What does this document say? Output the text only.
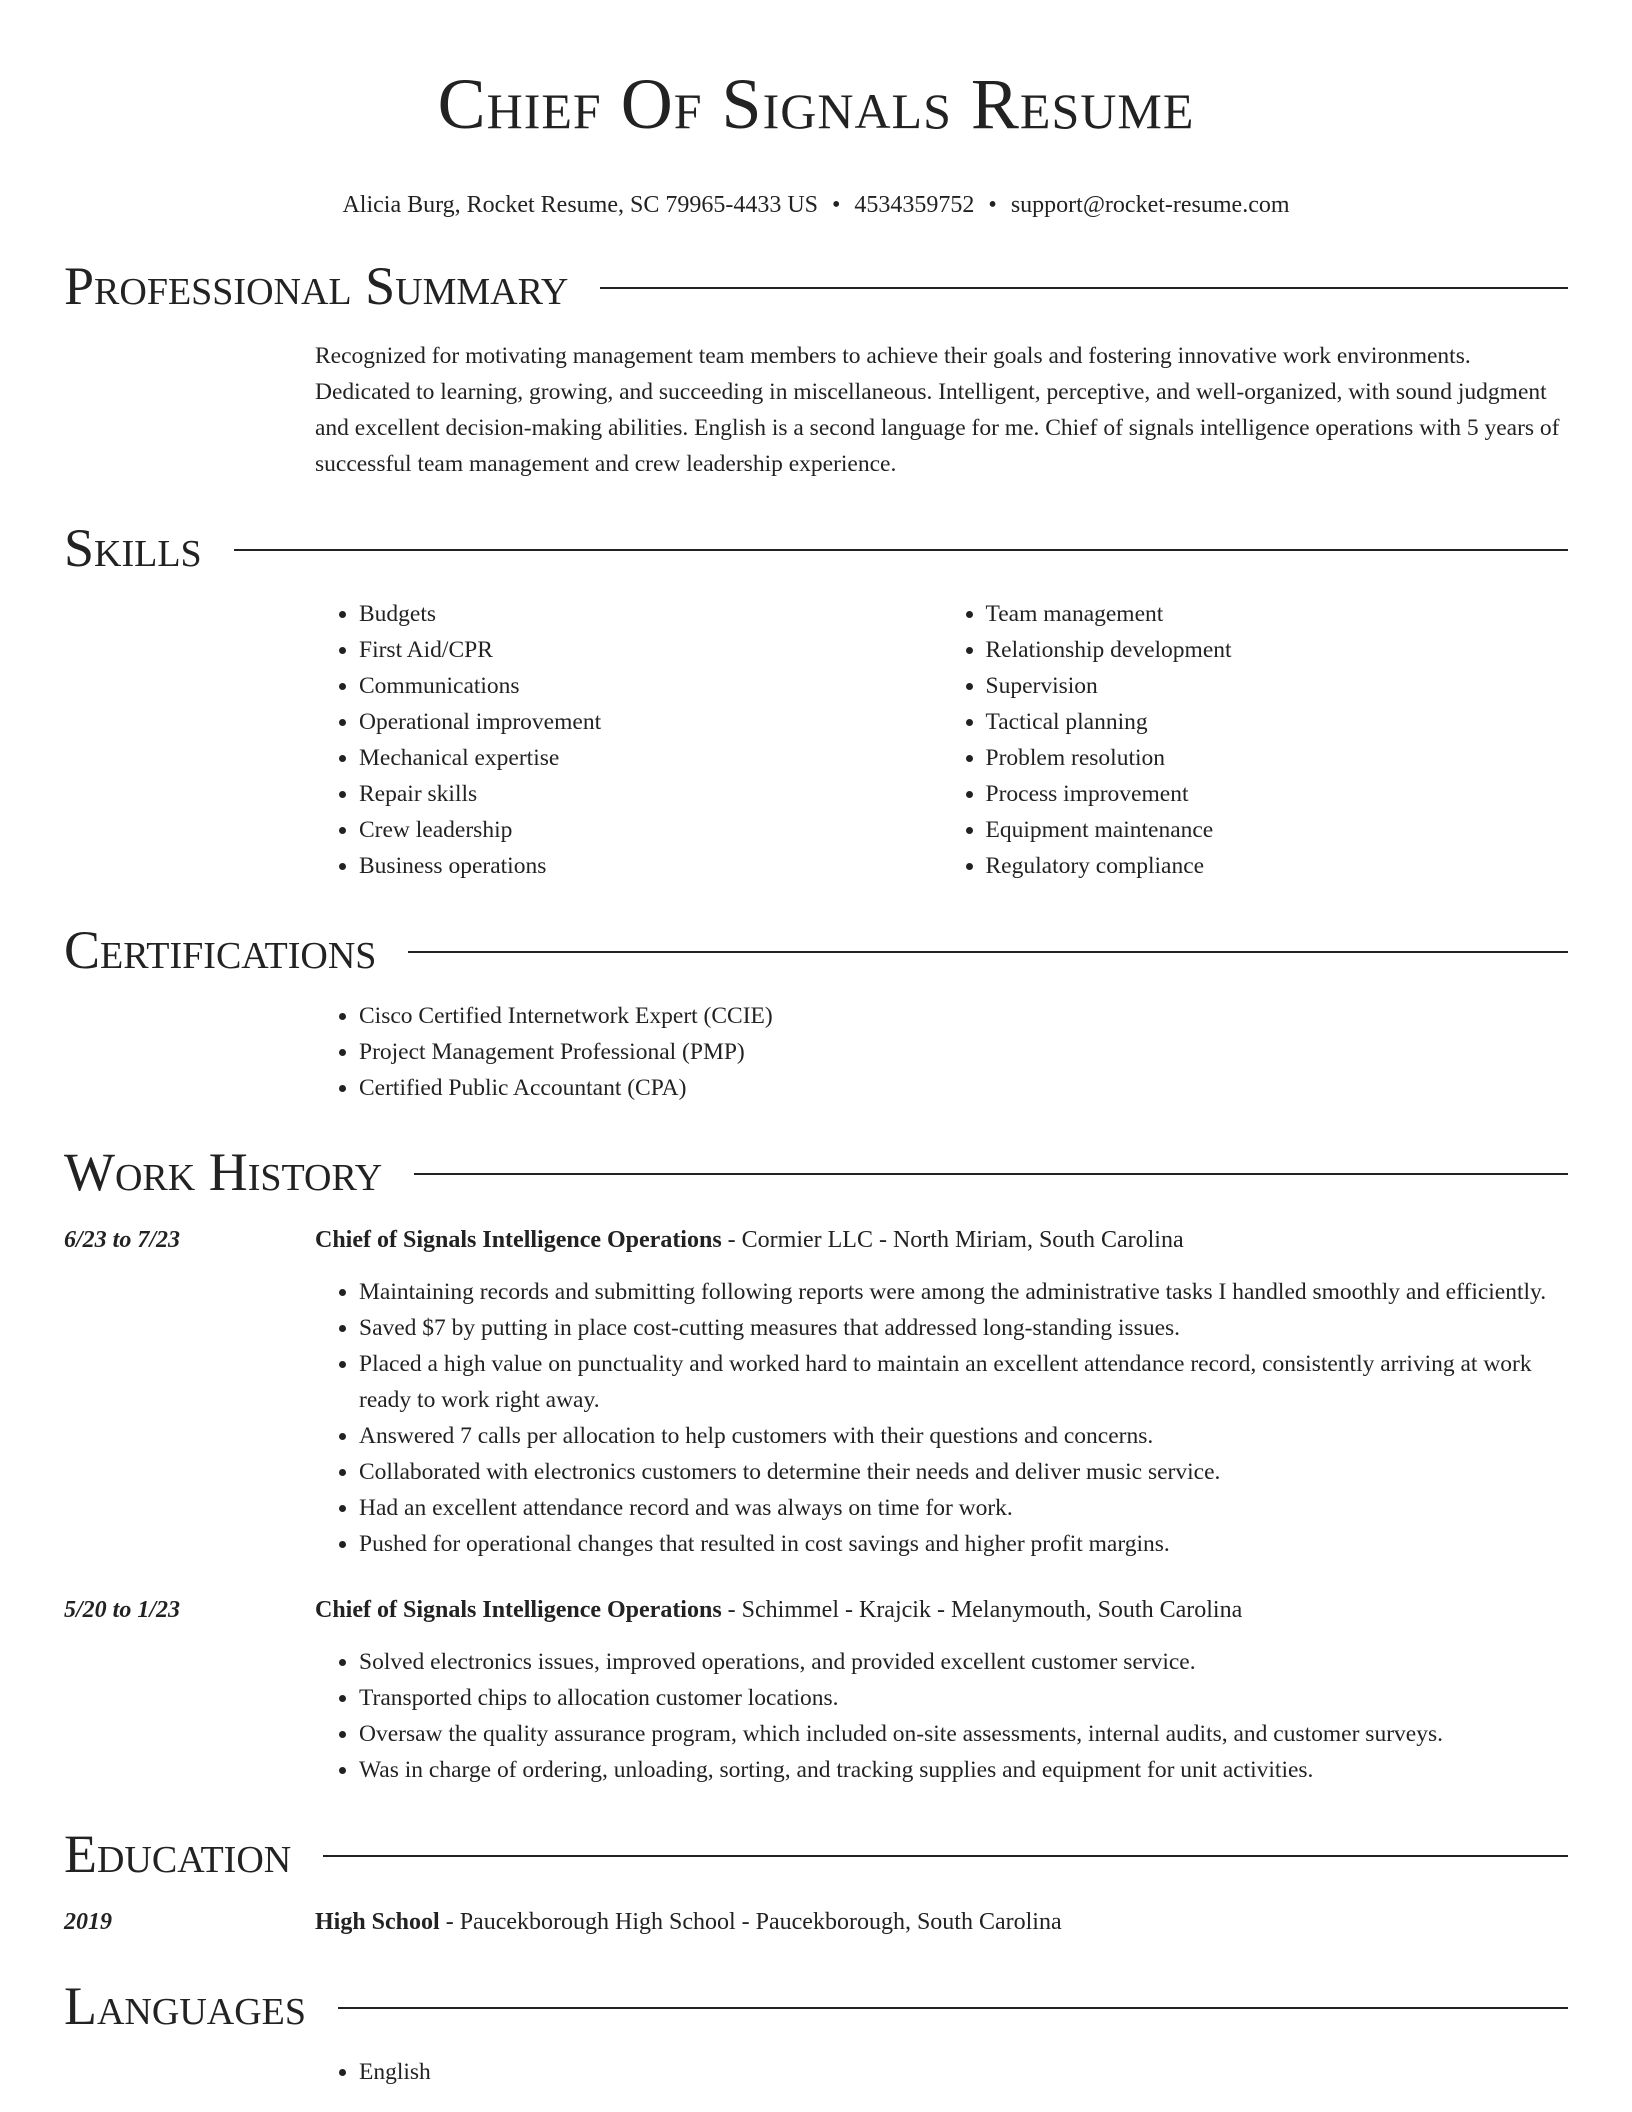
Chief Of Signals Resume
Alicia Burg, Rocket Resume, SC 79965-4433 US • 4534359752 • support@rocket-resume.com
Professional Summary
Recognized for motivating management team members to achieve their goals and fostering innovative work environments. Dedicated to learning, growing, and succeeding in miscellaneous. Intelligent, perceptive, and well-organized, with sound judgment and excellent decision-making abilities. English is a second language for me. Chief of signals intelligence operations with 5 years of successful team management and crew leadership experience.
Skills
• Budgets
• First Aid/CPR
• Communications
• Operational improvement
• Mechanical expertise
• Repair skills
• Crew leadership
• Business operations
• Team management
• Relationship development
• Supervision
• Tactical planning
• Problem resolution
• Process improvement
• Equipment maintenance
• Regulatory compliance
Certifications
• Cisco Certified Internetwork Expert (CCIE)
• Project Management Professional (PMP)
• Certified Public Accountant (CPA)
Work History
6/23 to 7/23	Chief of Signals Intelligence Operations - Cormier LLC - North Miriam, South Carolina
• Maintaining records and submitting following reports were among the administrative tasks I handled smoothly and efficiently.
• Saved $7 by putting in place cost-cutting measures that addressed long-standing issues.
• Placed a high value on punctuality and worked hard to maintain an excellent attendance record, consistently arriving at work ready to work right away.
• Answered 7 calls per allocation to help customers with their questions and concerns.
• Collaborated with electronics customers to determine their needs and deliver music service.
• Had an excellent attendance record and was always on time for work.
• Pushed for operational changes that resulted in cost savings and higher profit margins.
5/20 to 1/23	Chief of Signals Intelligence Operations - Schimmel - Krajcik - Melanymouth, South Carolina
• Solved electronics issues, improved operations, and provided excellent customer service.
• Transported chips to allocation customer locations.
• Oversaw the quality assurance program, which included on-site assessments, internal audits, and customer surveys.
• Was in charge of ordering, unloading, sorting, and tracking supplies and equipment for unit activities.
Education
2019	High School - Paucekborough High School - Paucekborough, South Carolina
Languages
• English
